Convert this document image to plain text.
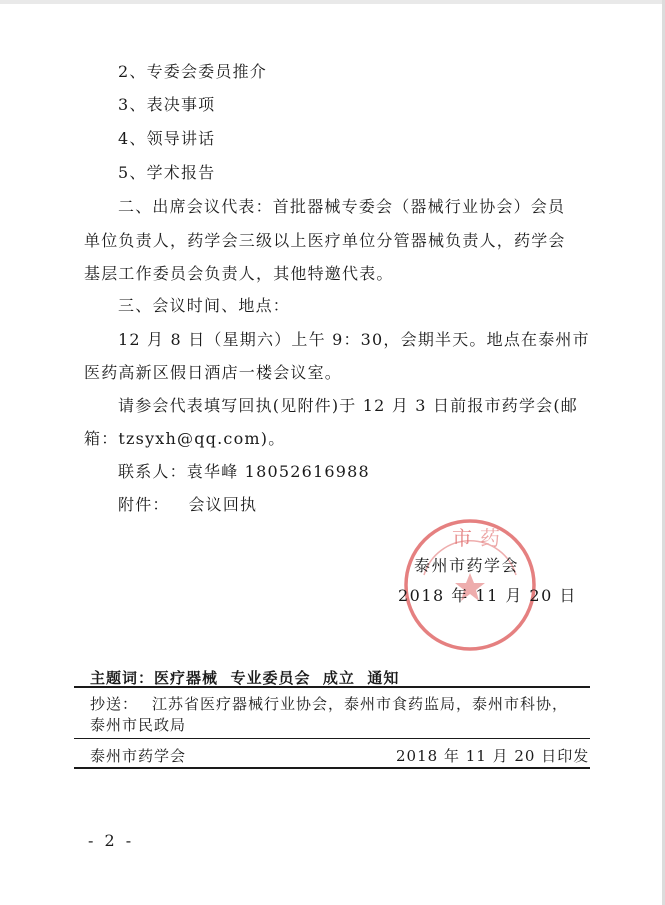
2、专委会委员推介
3、表决事项
4、领导讲话
5、学术报告
二、出席会议代表：首批器械专委会（器械行业协会）会员
单位负责人，药学会三级以上医疗单位分管器械负责人，药学会
基层工作委员会负责人，其他特邀代表。
三、会议时间、地点：
12 月 8 日（星期六）上午 9：30，会期半天。地点在泰州市
医药高新区假日酒店一楼会议室。
请参会代表填写回执(见附件)于 12 月 3 日前报市药学会(邮
箱：tzsyxh@qq.com)。
联系人：袁华峰 18052616988
附件：   会议回执
市 药
泰州市药学会
2018 年 11 月 20 日
主题词：医疗器械  专业委员会  成立  通知
抄送： 江苏省医疗器械行业协会，泰州市食药监局，泰州市科协，
泰州市民政局
泰州市药学会	2018 年 11 月 20 日印发
- 2 -
